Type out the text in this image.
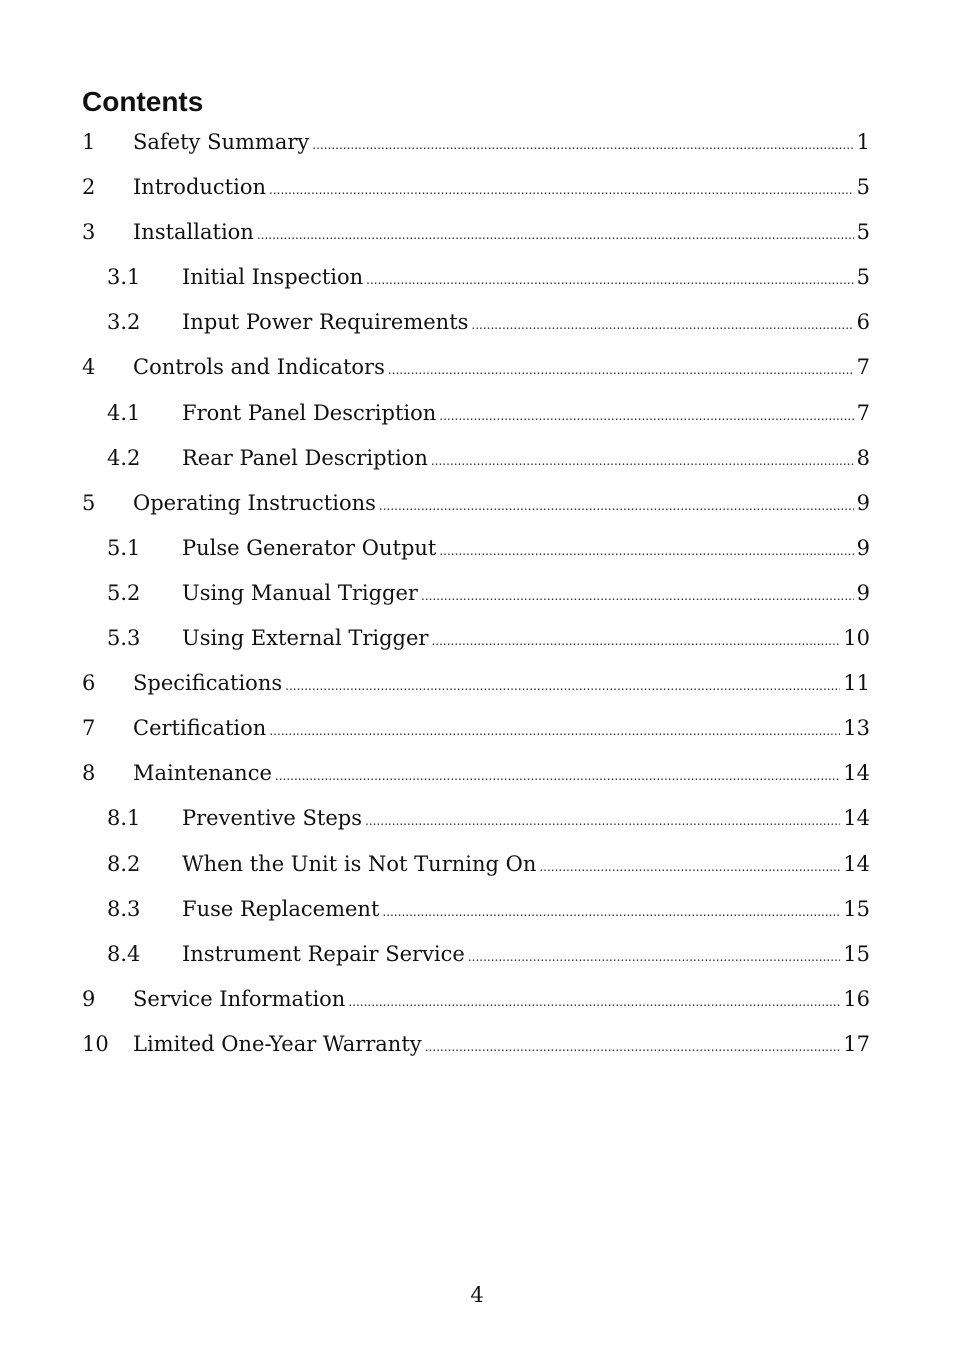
Contents
1	Safety Summary .....	1
2	Introduction .....	5
3	Installation .....	5
3.1	Initial Inspection .....	5
3.2	Input Power Requirements .....	6
4	Controls and Indicators .....	7
4.1	Front Panel Description .....	7
4.2	Rear Panel Description .....	8
5	Operating Instructions .....	9
5.1	Pulse Generator Output .....	9
5.2	Using Manual Trigger .....	9
5.3	Using External Trigger .....	10
6	Specifications .....	11
7	Certification .....	13
8	Maintenance .....	14
8.1	Preventive Steps .....	14
8.2	When the Unit is Not Turning On .....	14
8.3	Fuse Replacement .....	15
8.4	Instrument Repair Service .....	15
9	Service Information .....	16
10	Limited One-Year Warranty .....	17
4
